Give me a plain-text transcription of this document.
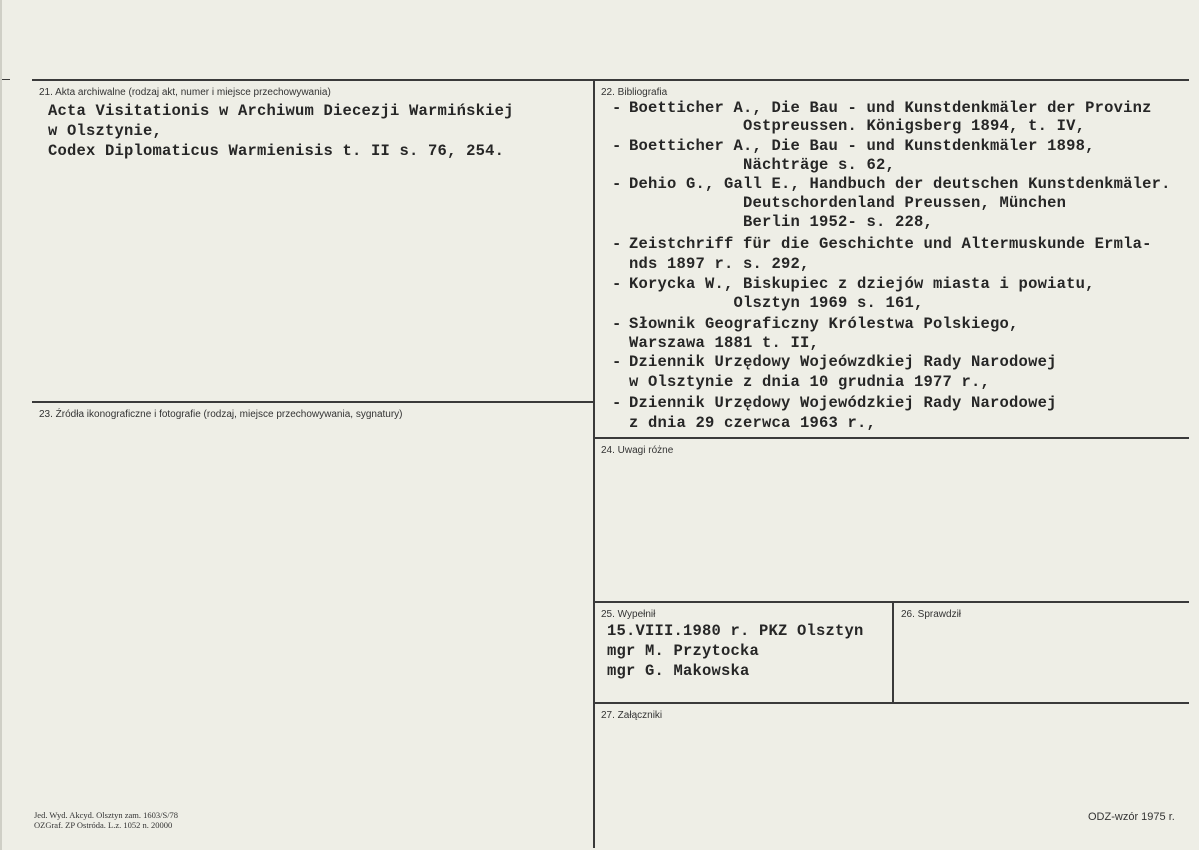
21. Akta archiwalne (rodzaj akt, numer i miejsce przechowywania)
Acta Visitationis w Archiwum Diecezji Warmińskiej
w Olsztynie,
Codex Diplomaticus Warmienisis t. II s. 76, 254.
22. Bibliografia
- Boetticher A., Die Bau - und Kunstdenkmäler der Provinz
Ostpreussen. Königsberg 1894, t. IV,
- Boetticher A., Die Bau - und Kunstdenkmäler 1898,
Nächträge s. 62,
- Dehio G., Gall E., Handbuch der deutschen Kunstdenkmäler.
Deutschordenland Preussen, München
Berlin 1952- s. 228,
- Zeistchriff für die Geschichte und Altermuskunde Ermla-
nds 1897 r. s. 292,
- Korycka W., Biskupiec z dziejów miasta i powiatu,
Olsztyn 1969 s. 161,
- Słownik Geograficzny Królestwa Polskiego,
Warszawa 1881 t. II,
- Dziennik Urzędowy Wojeówzdkiej Rady Narodowej
w Olsztynie z dnia 10 grudnia 1977 r.,
- Dziennik Urzędowy Wojewódzkiej Rady Narodowej
z dnia 29 czerwca 1963 r.,
23. Źródła ikonograficzne i fotografie (rodzaj, miejsce przechowywania, sygnatury)
24. Uwagi różne
25. Wypełnił
15.VIII.1980 r. PKZ Olsztyn
mgr M. Przytocka
mgr G. Makowska
26. Sprawdził
27. Załączniki
Jed. Wyd. Akcyd. Olsztyn zam. 1603/S/78
OZGraf. ZP Ostróda. L.z. 1052 n. 20000
ODZ-wzór 1975 r.
